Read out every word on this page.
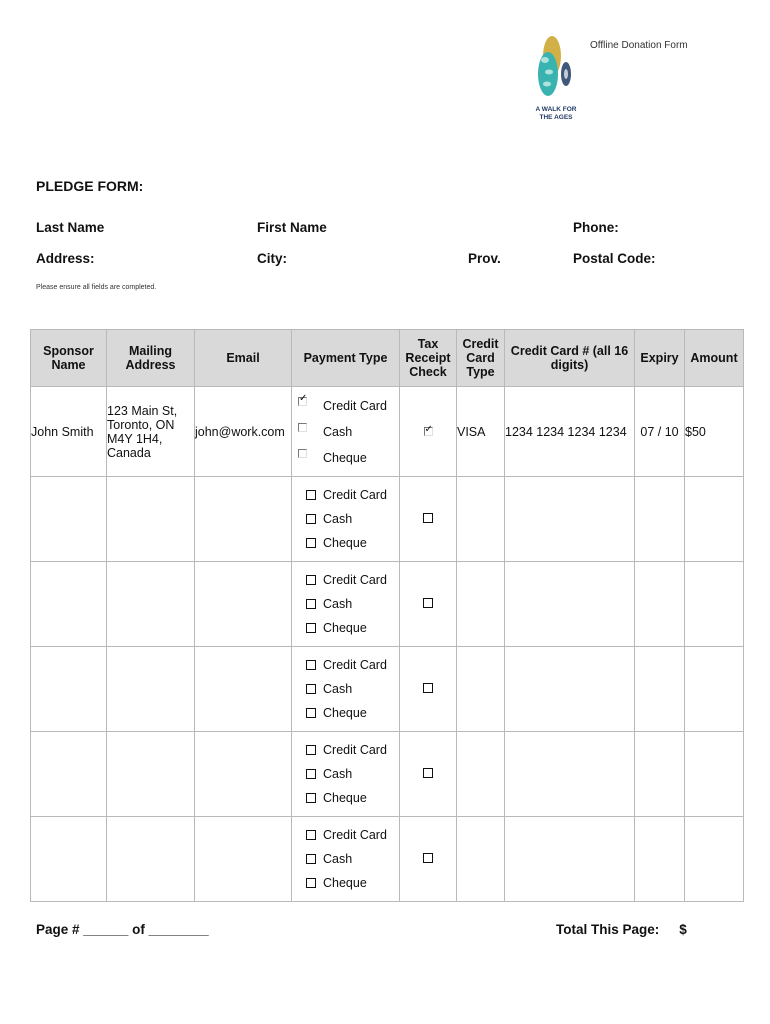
A WALK FOR
THE AGES
Offline Donation Form
PLEDGE FORM:
Last Name	First Name	Phone:
Address:	City:	Prov.	Postal Code:
Please ensure all fields are completed.
Sponsor Name	Mailing Address	Email	Payment Type	Tax Receipt Check	Credit Card Type	Credit Card # (all 16 digits)	Expiry	Amount
John Smith	123 Main St, Toronto, ON M4Y 1H4, Canada	john@work.com	✓ Credit Card
Cash
Cheque	✓	VISA	1234 1234 1234 1234	07 / 10	$50

			Credit Card
Cash
Cheque					

			Credit Card
Cash
Cheque					

			Credit Card
Cash
Cheque					

			Credit Card
Cash
Cheque					

			Credit Card
Cash
Cheque					

Page # ______ of ________	Total This Page: $
